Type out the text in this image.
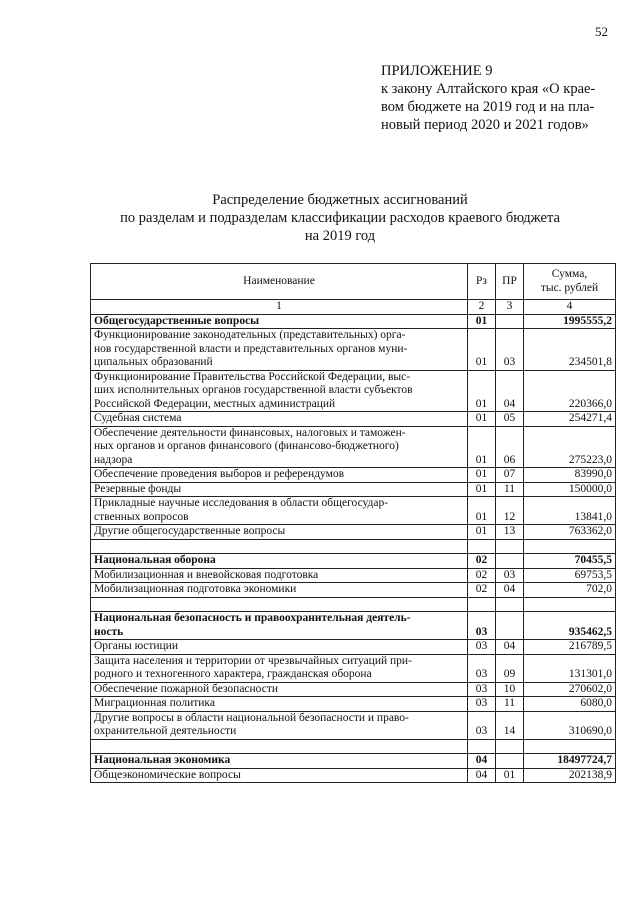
52
ПРИЛОЖЕНИЕ 9
к закону Алтайского края «О крае-
вом бюджете на 2019 год и на пла-
новый период 2020 и 2021 годов»
Распределение бюджетных ассигнований
по разделам и подразделам классификации расходов краевого бюджета
на 2019 год
Наименование	Рз	ПР	Сумма,
тыс. рублей

1	2	3	4

Общегосударственные вопросы	01		1995555,2

Функционирование законодательных (представительных) орга-
нов государственной власти и представительных органов муни-
ципальных образований	01	03	234501,8

Функционирование Правительства Российской Федерации, выс-
ших исполнительных органов государственной власти субъектов
Российской Федерации, местных администраций	01	04	220366,0

Судебная система	01	05	254271,4

Обеспечение деятельности финансовых, налоговых и таможен-
ных органов и органов финансового (финансово-бюджетного)
надзора	01	06	275223,0

Обеспечение проведения выборов и референдумов	01	07	83990,0

Резервные фонды	01	11	150000,0

Прикладные научные исследования в области общегосудар-
ственных вопросов	01	12	13841,0

Другие общегосударственные вопросы	01	13	763362,0

Национальная оборона	02		70455,5

Мобилизационная и вневойсковая подготовка	02	03	69753,5

Мобилизационная подготовка экономики	02	04	702,0

Национальная безопасность и правоохранительная деятель-
ность	03		935462,5

Органы юстиции	03	04	216789,5

Защита населения и территории от чрезвычайных ситуаций при-
родного и техногенного характера, гражданская оборона	03	09	131301,0

Обеспечение пожарной безопасности	03	10	270602,0

Миграционная политика	03	11	6080,0

Другие вопросы в области национальной безопасности и право-
охранительной деятельности	03	14	310690,0

Национальная экономика	04		18497724,7

Общеэкономические вопросы	04	01	202138,9
